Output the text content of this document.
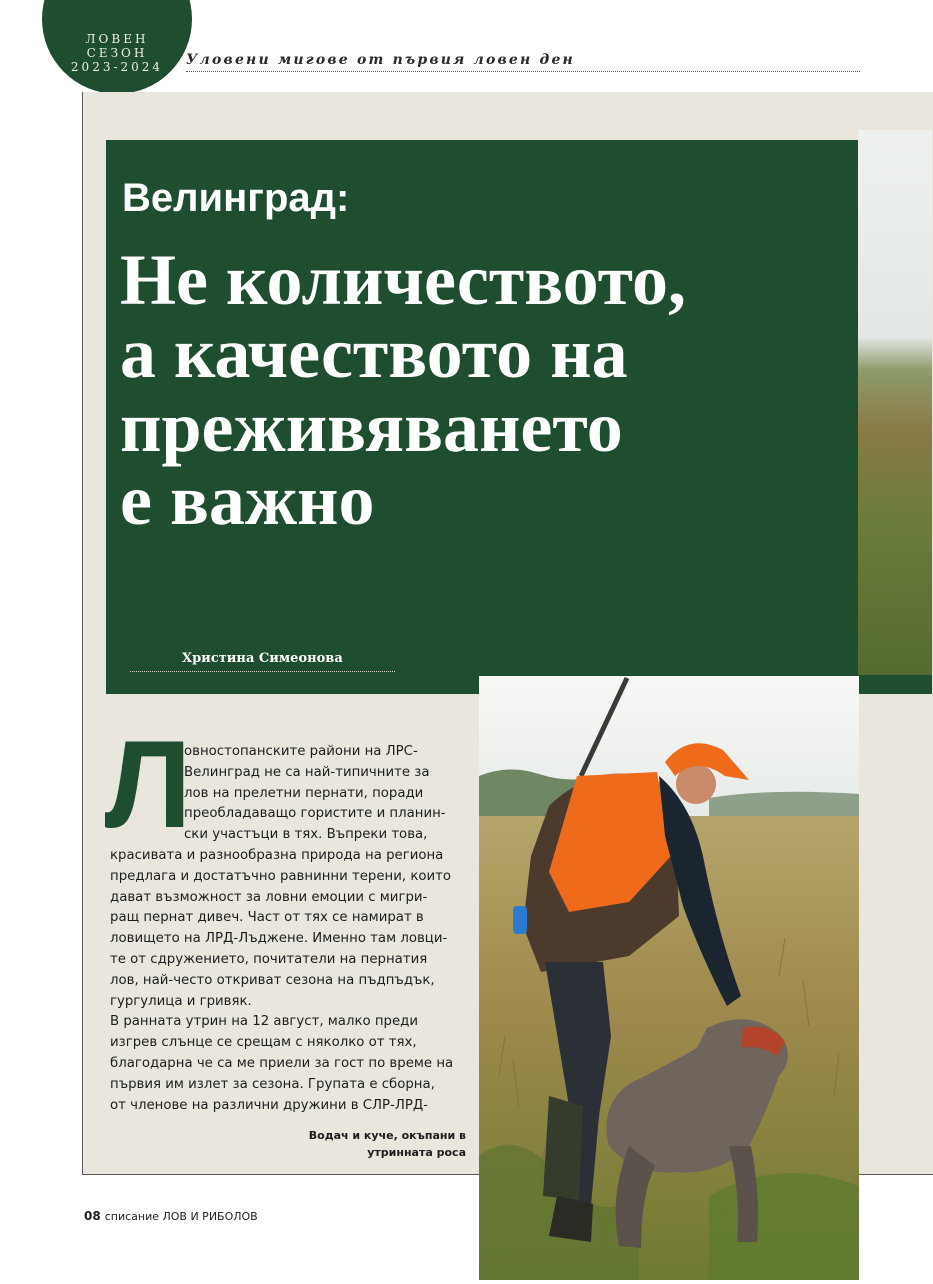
ЛОВЕН
СЕЗОН
2023-2024	Уловени мигове от първия ловен ден
Велинград:
Не количеството,
а качеството на
преживяването
е важно
Христина Симеонова
Л
овностопанските райони на ЛРС-
Велинград не са най-типичните за
лов на прелетни пернати, поради
преобладаващо гористите и планин-
ски участъци в тях. Въпреки това,
красивата и разнообразна природа на региона
предлага и достатъчно равнинни терени, които
дават възможност за ловни емоции с мигри-
ращ пернат дивеч. Част от тях се намират в
ловището на ЛРД-Лъджене. Именно там ловци-
те от сдружението, почитатели на пернатия
лов, най-често откриват сезона на пъдпъдък,
гургулица и гривяк.
В ранната утрин на 12 август, малко преди
изгрев слънце се срещам с няколко от тях,
благодарна че са ме приели за гост по време на
първия им излет за сезона. Групата е сборна,
от членове на различни дружини в СЛР-ЛРД-
Водач и куче, окъпани в
утринната роса
08 списание ЛОВ И РИБОЛОВ
